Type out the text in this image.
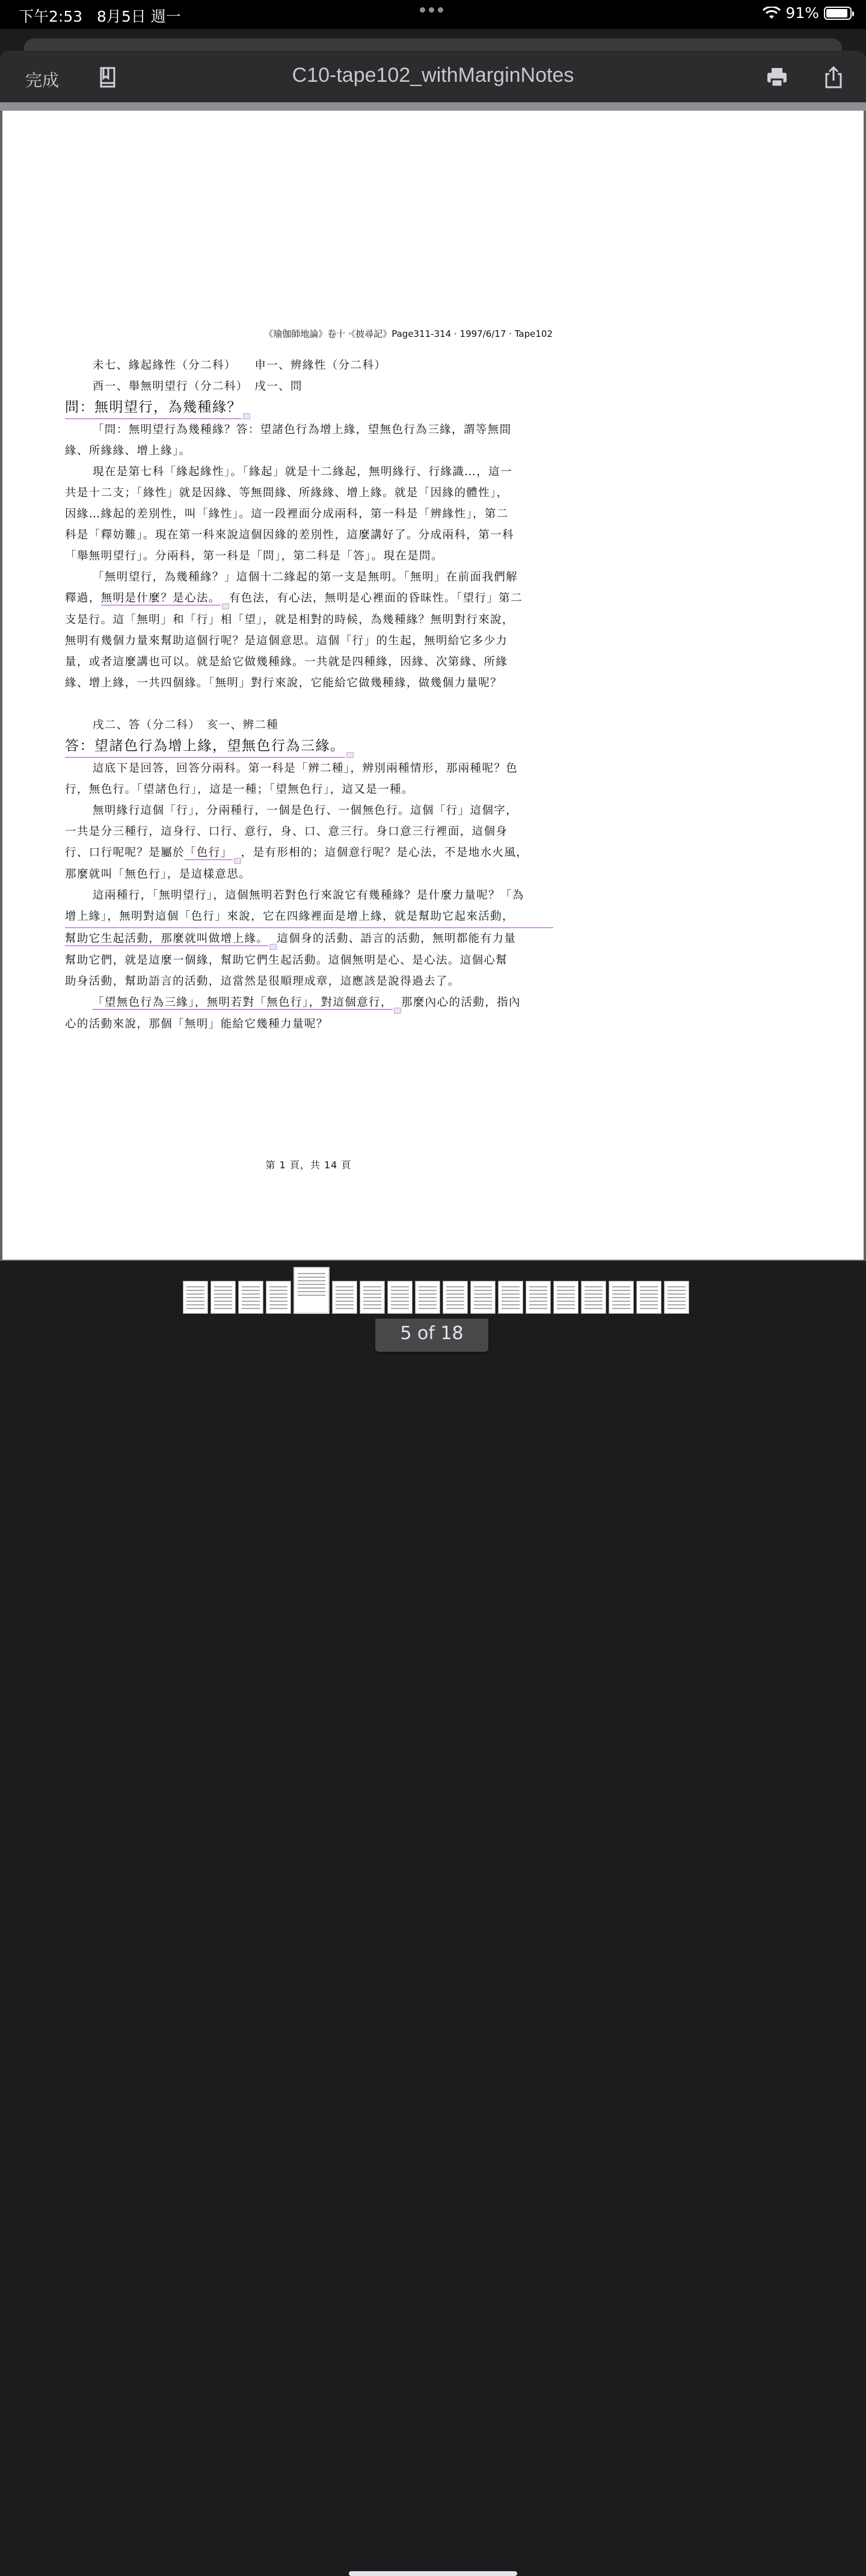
下午2:53 8月5日 週一	91%
完成	C10-tape102_withMarginNotes
《瑜伽師地論》卷十 ·《披尋記》Page311-314 · 1997/6/17 · Tape102
未七、緣起緣性（分二科）　　申一、辨緣性（分二科）
酉一、舉無明望行（分二科）　戌一、問
問：無明望行，為幾種緣？
「問：無明望行為幾種緣？答：望諸色行為增上緣，望無色行為三緣，謂等無間
緣、所緣緣、增上緣」。
現在是第七科「緣起緣性」。「緣起」就是十二緣起，無明緣行、行緣識…，這一
共是十二支；「緣性」就是因緣、等無間緣、所緣緣、增上緣。就是「因緣的體性」，
因緣…緣起的差別性，叫「緣性」。這一段裡面分成兩科，第一科是「辨緣性」，第二
科是「釋妨難」。現在第一科來說這個因緣的差別性，這麼講好了。分成兩科，第一科
「舉無明望行」。分兩科，第一科是「問」，第二科是「答」。現在是問。
「無明望行，為幾種緣？」這個十二緣起的第一支是無明。「無明」在前面我們解
釋過，無明是什麼？是心法。 有色法，有心法，無明是心裡面的昏昧性。「望行」第二
支是行。這「無明」和「行」相「望」，就是相對的時候，為幾種緣？無明對行來說，
無明有幾個力量來幫助這個行呢？是這個意思。這個「行」的生起，無明給它多少力
量，或者這麼講也可以。就是給它做幾種緣。一共就是四種緣，因緣、次第緣、所緣
緣、增上緣，一共四個緣。「無明」對行來說，它能給它做幾種緣，做幾個力量呢？
戌二、答（分二科）　亥一、辨二種
答：望諸色行為增上緣，望無色行為三緣。
這底下是回答，回答分兩科。第一科是「辨二種」，辨別兩種情形，那兩種呢？色
行，無色行。「望諸色行」，這是一種；「望無色行」，這又是一種。
無明緣行這個「行」，分兩種行，一個是色行、一個無色行。這個「行」這個字，
一共是分三種行，這身行、口行、意行，身、口、意三行。身口意三行裡面，這個身
行、口行呢呢？是屬於「色行」 ，是有形相的；這個意行呢？是心法，不是地水火風，
那麼就叫「無色行」，是這樣意思。
這兩種行，「無明望行」，這個無明若對色行來說它有幾種緣？是什麼力量呢？「為
增上緣」，無明對這個「色行」來說，它在四緣裡面是增上緣，就是幫助它起來活動，
幫助它生起活動，那麼就叫做增上緣。 這個身的活動、語言的活動，無明都能有力量
幫助它們，就是這麼一個緣，幫助它們生起活動。這個無明是心、是心法。這個心幫
助身活動，幫助語言的活動，這當然是很順理成章，這應該是說得過去了。
「望無色行為三緣」，無明若對「無色行」，對這個意行， 那麼內心的活動，指內
心的活動來說，那個「無明」能給它幾種力量呢？
第 1 頁，共 14 頁
5 of 18
